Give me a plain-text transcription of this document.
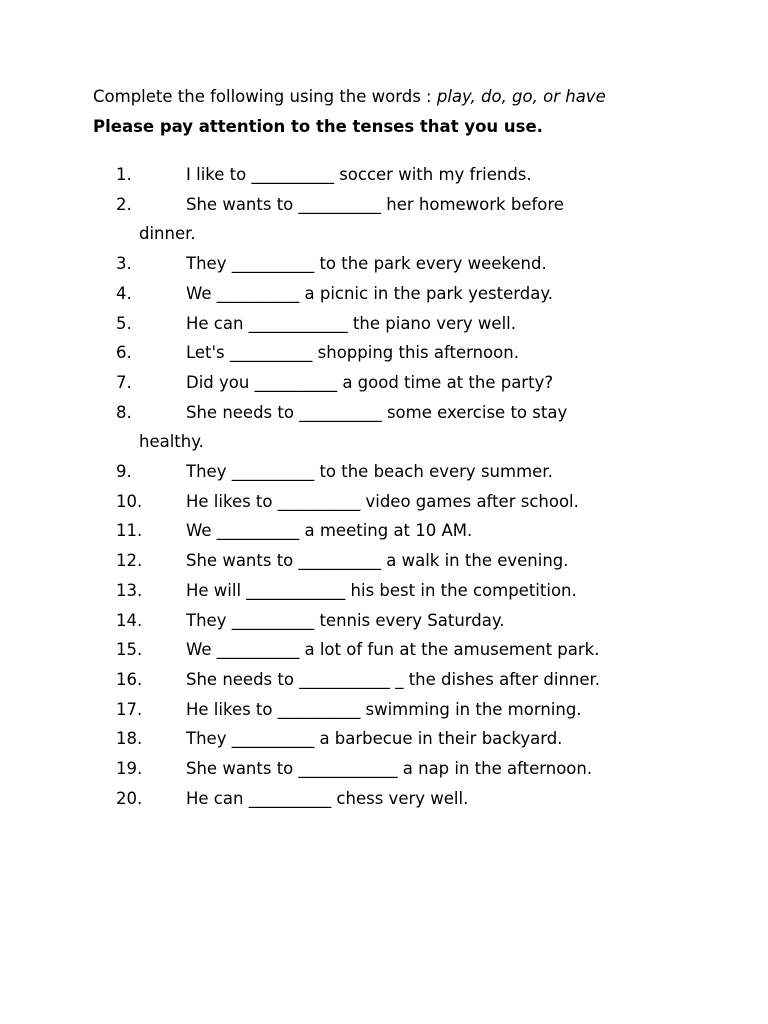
Complete the following using the words : play, do, go, or have
Please pay attention to the tenses that you use.
1.	I like to __________ soccer with my friends.
2.	She wants to __________ her homework before
dinner.
3.	They __________ to the park every weekend.
4.	We __________ a picnic in the park yesterday.
5.	He can ____________ the piano very well.
6.	Let's __________ shopping this afternoon.
7.	Did you __________ a good time at the party?
8.	She needs to __________ some exercise to stay
healthy.
9.	They __________ to the beach every summer.
10.	He likes to __________ video games after school.
11.	We __________ a meeting at 10 AM.
12.	She wants to __________ a walk in the evening.
13.	He will ____________ his best in the competition.
14.	They __________ tennis every Saturday.
15.	We __________ a lot of fun at the amusement park.
16.	She needs to ___________ _ the dishes after dinner.
17.	He likes to __________ swimming in the morning.
18.	They __________ a barbecue in their backyard.
19.	She wants to ____________ a nap in the afternoon.
20.	He can __________ chess very well.
